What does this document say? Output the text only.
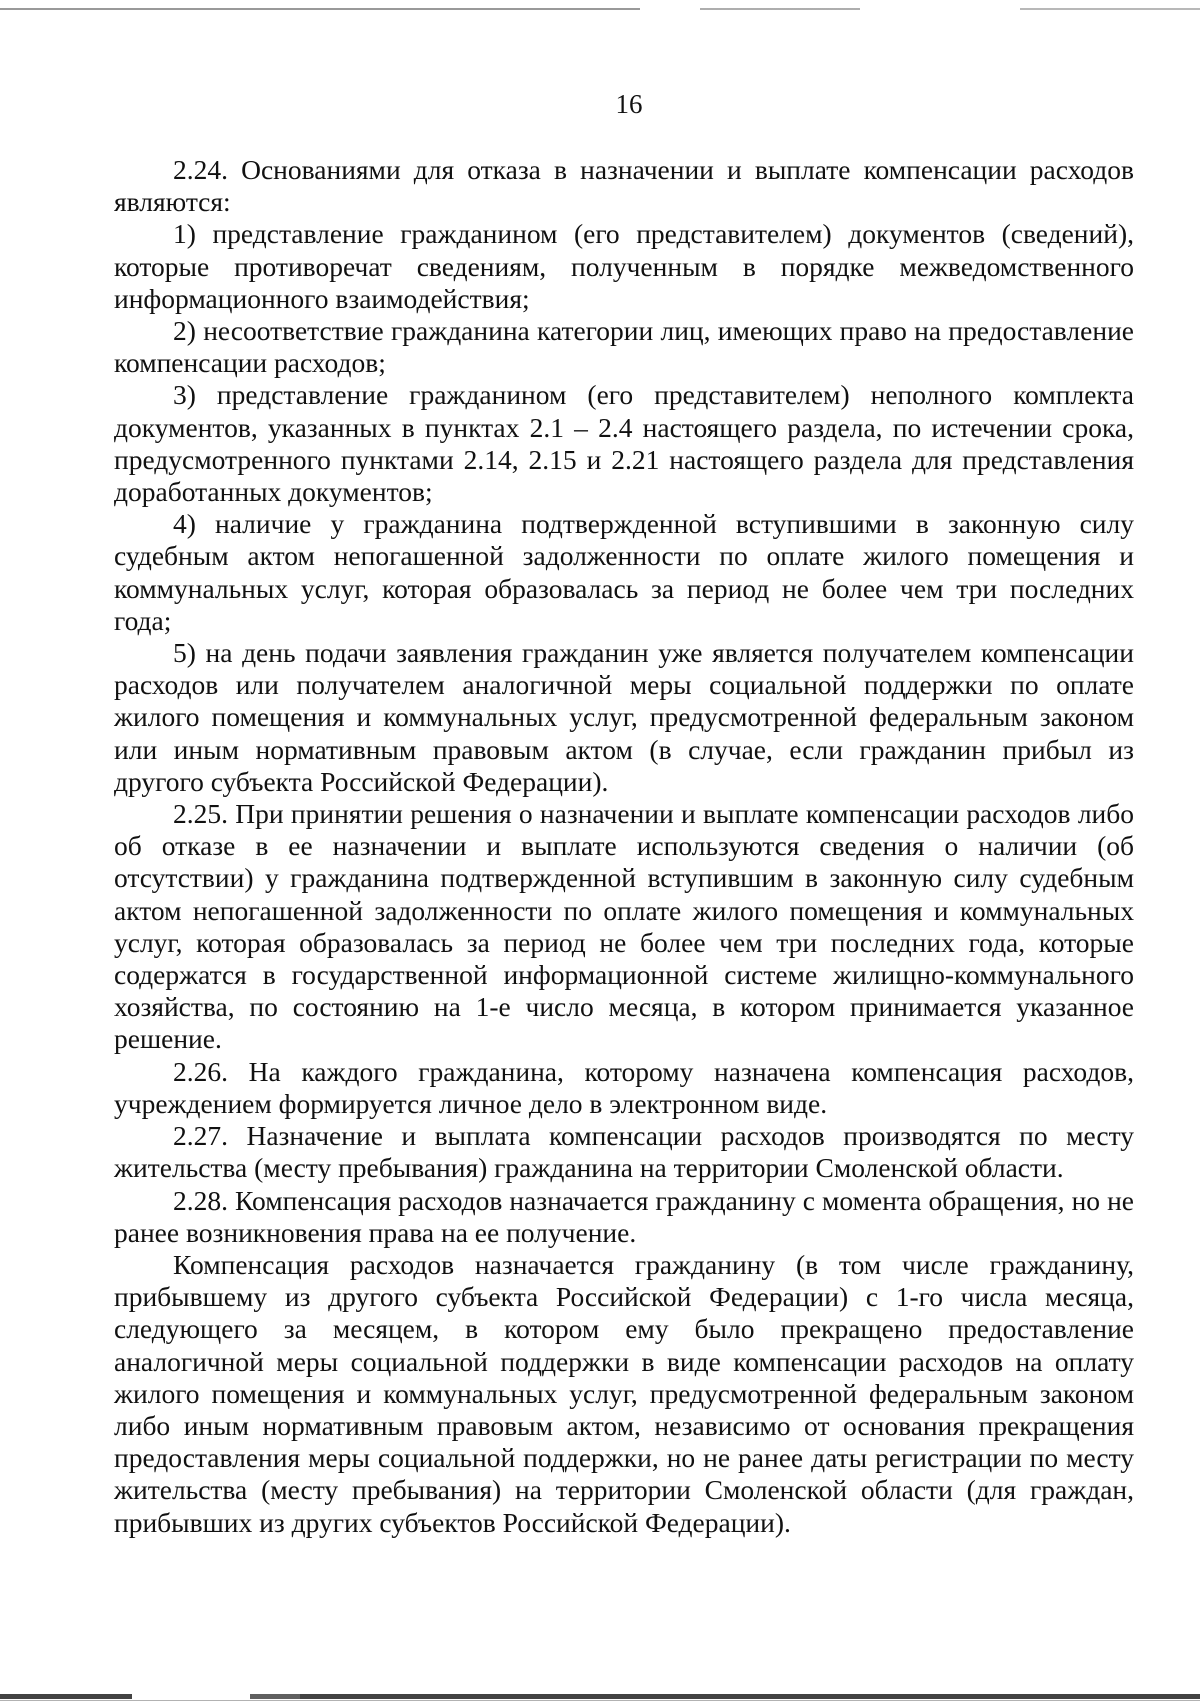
16

2.24. Основаниями для отказа в назначении и выплате компенсации расходов являются:

1) представление гражданином (его представителем) документов (сведений), которые противоречат сведениям, полученным в порядке межведомственного информационного взаимодействия;

2) несоответствие гражданина категории лиц, имеющих право на предоставление компенсации расходов;

3) представление гражданином (его представителем) неполного комплекта документов, указанных в пунктах 2.1 – 2.4 настоящего раздела, по истечении срока, предусмотренного пунктами 2.14, 2.15 и 2.21 настоящего раздела для представления доработанных документов;

4) наличие у гражданина подтвержденной вступившими в законную силу судебным актом непогашенной задолженности по оплате жилого помещения и коммунальных услуг, которая образовалась за период не более чем три последних года;

5) на день подачи заявления гражданин уже является получателем компенсации расходов или получателем аналогичной меры социальной поддержки по оплате жилого помещения и коммунальных услуг, предусмотренной федеральным законом или иным нормативным правовым актом (в случае, если гражданин прибыл из другого субъекта Российской Федерации).

2.25. При принятии решения о назначении и выплате компенсации расходов либо об отказе в ее назначении и выплате используются сведения о наличии (об отсутствии) у гражданина подтвержденной вступившим в законную силу судебным актом непогашенной задолженности по оплате жилого помещения и коммунальных услуг, которая образовалась за период не более чем три последних года, которые содержатся в государственной информационной системе жилищно-коммунального хозяйства, по состоянию на 1-е число месяца, в котором принимается указанное решение.

2.26. На каждого гражданина, которому назначена компенсация расходов, учреждением формируется личное дело в электронном виде.

2.27. Назначение и выплата компенсации расходов производятся по месту жительства (месту пребывания) гражданина на территории Смоленской области.

2.28. Компенсация расходов назначается гражданину с момента обращения, но не ранее возникновения права на ее получение.

Компенсация расходов назначается гражданину (в том числе гражданину, прибывшему из другого субъекта Российской Федерации) с 1-го числа месяца, следующего за месяцем, в котором ему было прекращено предоставление аналогичной меры социальной поддержки в виде компенсации расходов на оплату жилого помещения и коммунальных услуг, предусмотренной федеральным законом либо иным нормативным правовым актом, независимо от основания прекращения предоставления меры социальной поддержки, но не ранее даты регистрации по месту жительства (месту пребывания) на территории Смоленской области (для граждан, прибывших из других субъектов Российской Федерации).
